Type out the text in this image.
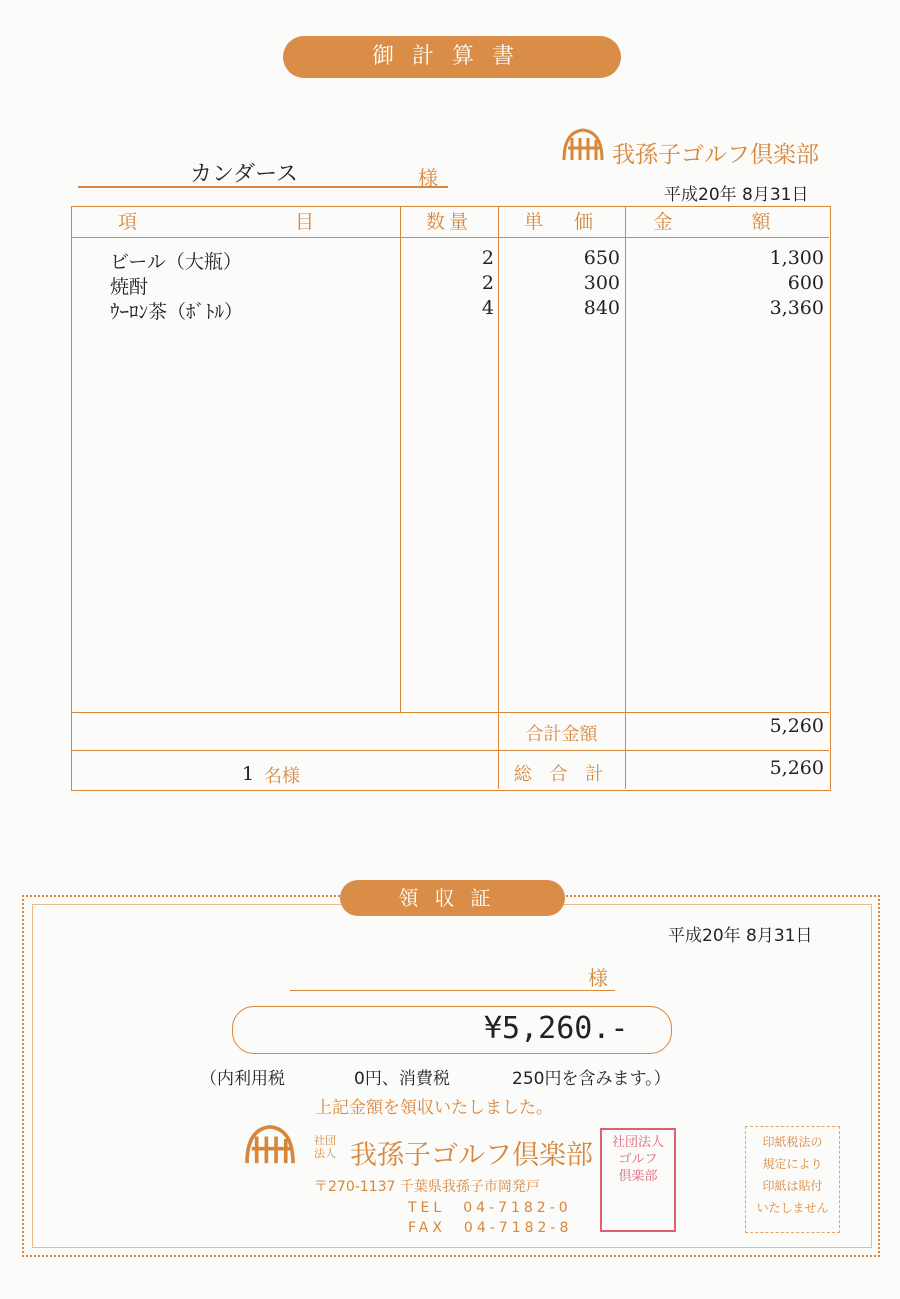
御計算書
我孫子ゴルフ倶楽部
カンダース	様
平成20年 8月31日
項　　目	数量	単　価	金　額
ビール（大瓶）	2	650	1,300
焼酎	2	300	600
ｳｰﾛﾝ茶（ﾎﾞﾄﾙ）	4	840	3,360
合計金額	5,260
1 名様	総 合 計	5,260
領収証
平成20年 8月31日
様
¥5,260.-
（内利用税	0円、消費税	250円を含みます。）
上記金額を領収いたしました。
社団
法人 我孫子ゴルフ倶楽部
〒270-1137 千葉県我孫子市岡発戸
TEL　04-7182-0
FAX　04-7182-8
社団法人
ゴルフ
倶楽部
印紙税法の
規定により
印紙は貼付
いたしません
